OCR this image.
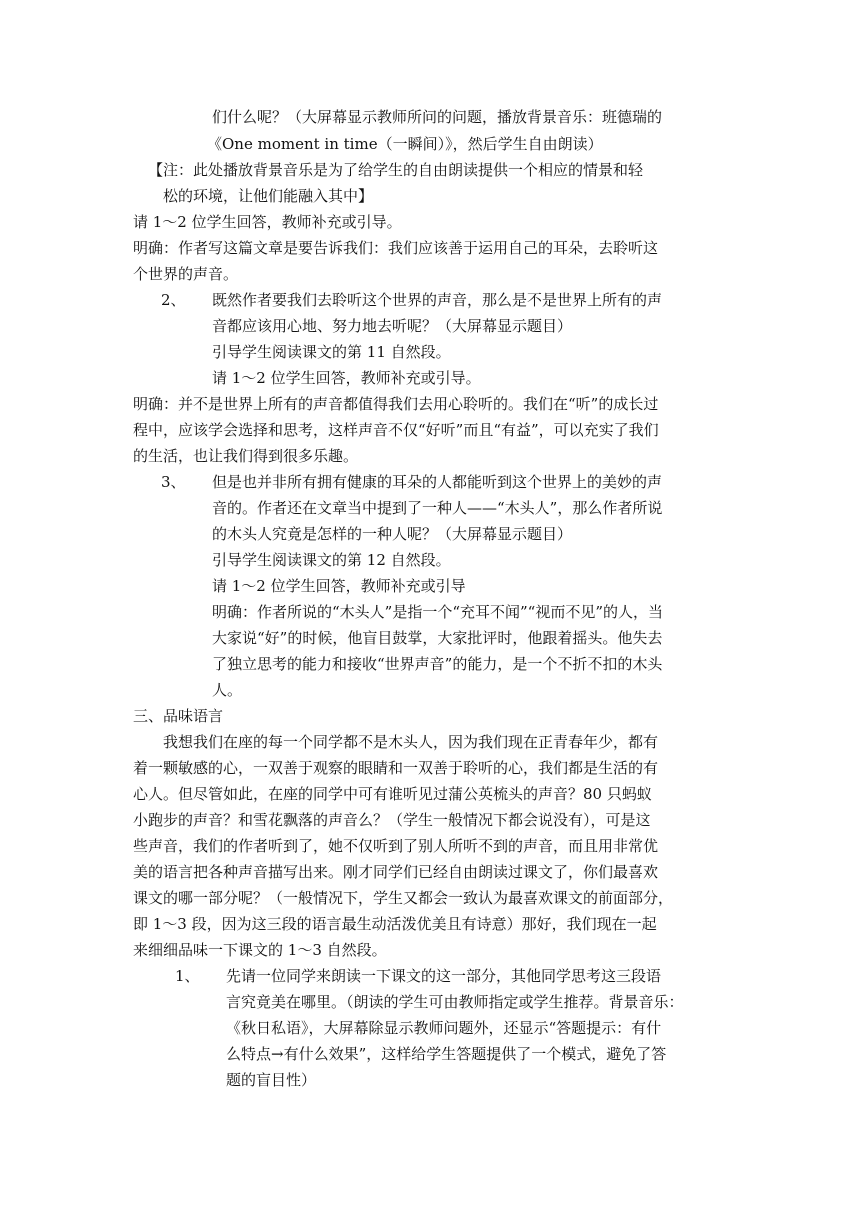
们什么呢？（大屏幕显示教师所问的问题，播放背景音乐：班德瑞的
《One moment in time（一瞬间）》，然后学生自由朗读）
【注：此处播放背景音乐是为了给学生的自由朗读提供一个相应的情景和轻
松的环境，让他们能融入其中】
请 1～2 位学生回答，教师补充或引导。
明确：作者写这篇文章是要告诉我们：我们应该善于运用自己的耳朵，去聆听这
个世界的声音。
2、 既然作者要我们去聆听这个世界的声音，那么是不是世界上所有的声
音都应该用心地、努力地去听呢？（大屏幕显示题目）
引导学生阅读课文的第 11 自然段。
请 1～2 位学生回答，教师补充或引导。
明确：并不是世界上所有的声音都值得我们去用心聆听的。我们在“听”的成长过
程中，应该学会选择和思考，这样声音不仅“好听”而且“有益”，可以充实了我们
的生活，也让我们得到很多乐趣。
3、 但是也并非所有拥有健康的耳朵的人都能听到这个世界上的美妙的声
音的。作者还在文章当中提到了一种人——“木头人”，那么作者所说
的木头人究竟是怎样的一种人呢？（大屏幕显示题目）
引导学生阅读课文的第 12 自然段。
请 1～2 位学生回答，教师补充或引导
明确：作者所说的“木头人”是指一个“充耳不闻”“视而不见”的人，当
大家说“好”的时候，他盲目鼓掌，大家批评时，他跟着摇头。他失去
了独立思考的能力和接收“世界声音”的能力，是一个不折不扣的木头
人。
三、品味语言
我想我们在座的每一个同学都不是木头人，因为我们现在正青春年少，都有
着一颗敏感的心，一双善于观察的眼睛和一双善于聆听的心，我们都是生活的有
心人。但尽管如此，在座的同学中可有谁听见过蒲公英梳头的声音？80 只蚂蚁
小跑步的声音？和雪花飘落的声音么？（学生一般情况下都会说没有），可是这
些声音，我们的作者听到了，她不仅听到了别人所听不到的声音，而且用非常优
美的语言把各种声音描写出来。刚才同学们已经自由朗读过课文了，你们最喜欢
课文的哪一部分呢？（一般情况下，学生又都会一致认为最喜欢课文的前面部分，
即 1～3 段，因为这三段的语言最生动活泼优美且有诗意）那好，我们现在一起
来细细品味一下课文的 1～3 自然段。
1、 先请一位同学来朗读一下课文的这一部分，其他同学思考这三段语
言究竟美在哪里。（朗读的学生可由教师指定或学生推荐。背景音乐：
《秋日私语》，大屏幕除显示教师问题外，还显示“答题提示：有什
么特点→有什么效果”，这样给学生答题提供了一个模式，避免了答
题的盲目性）
